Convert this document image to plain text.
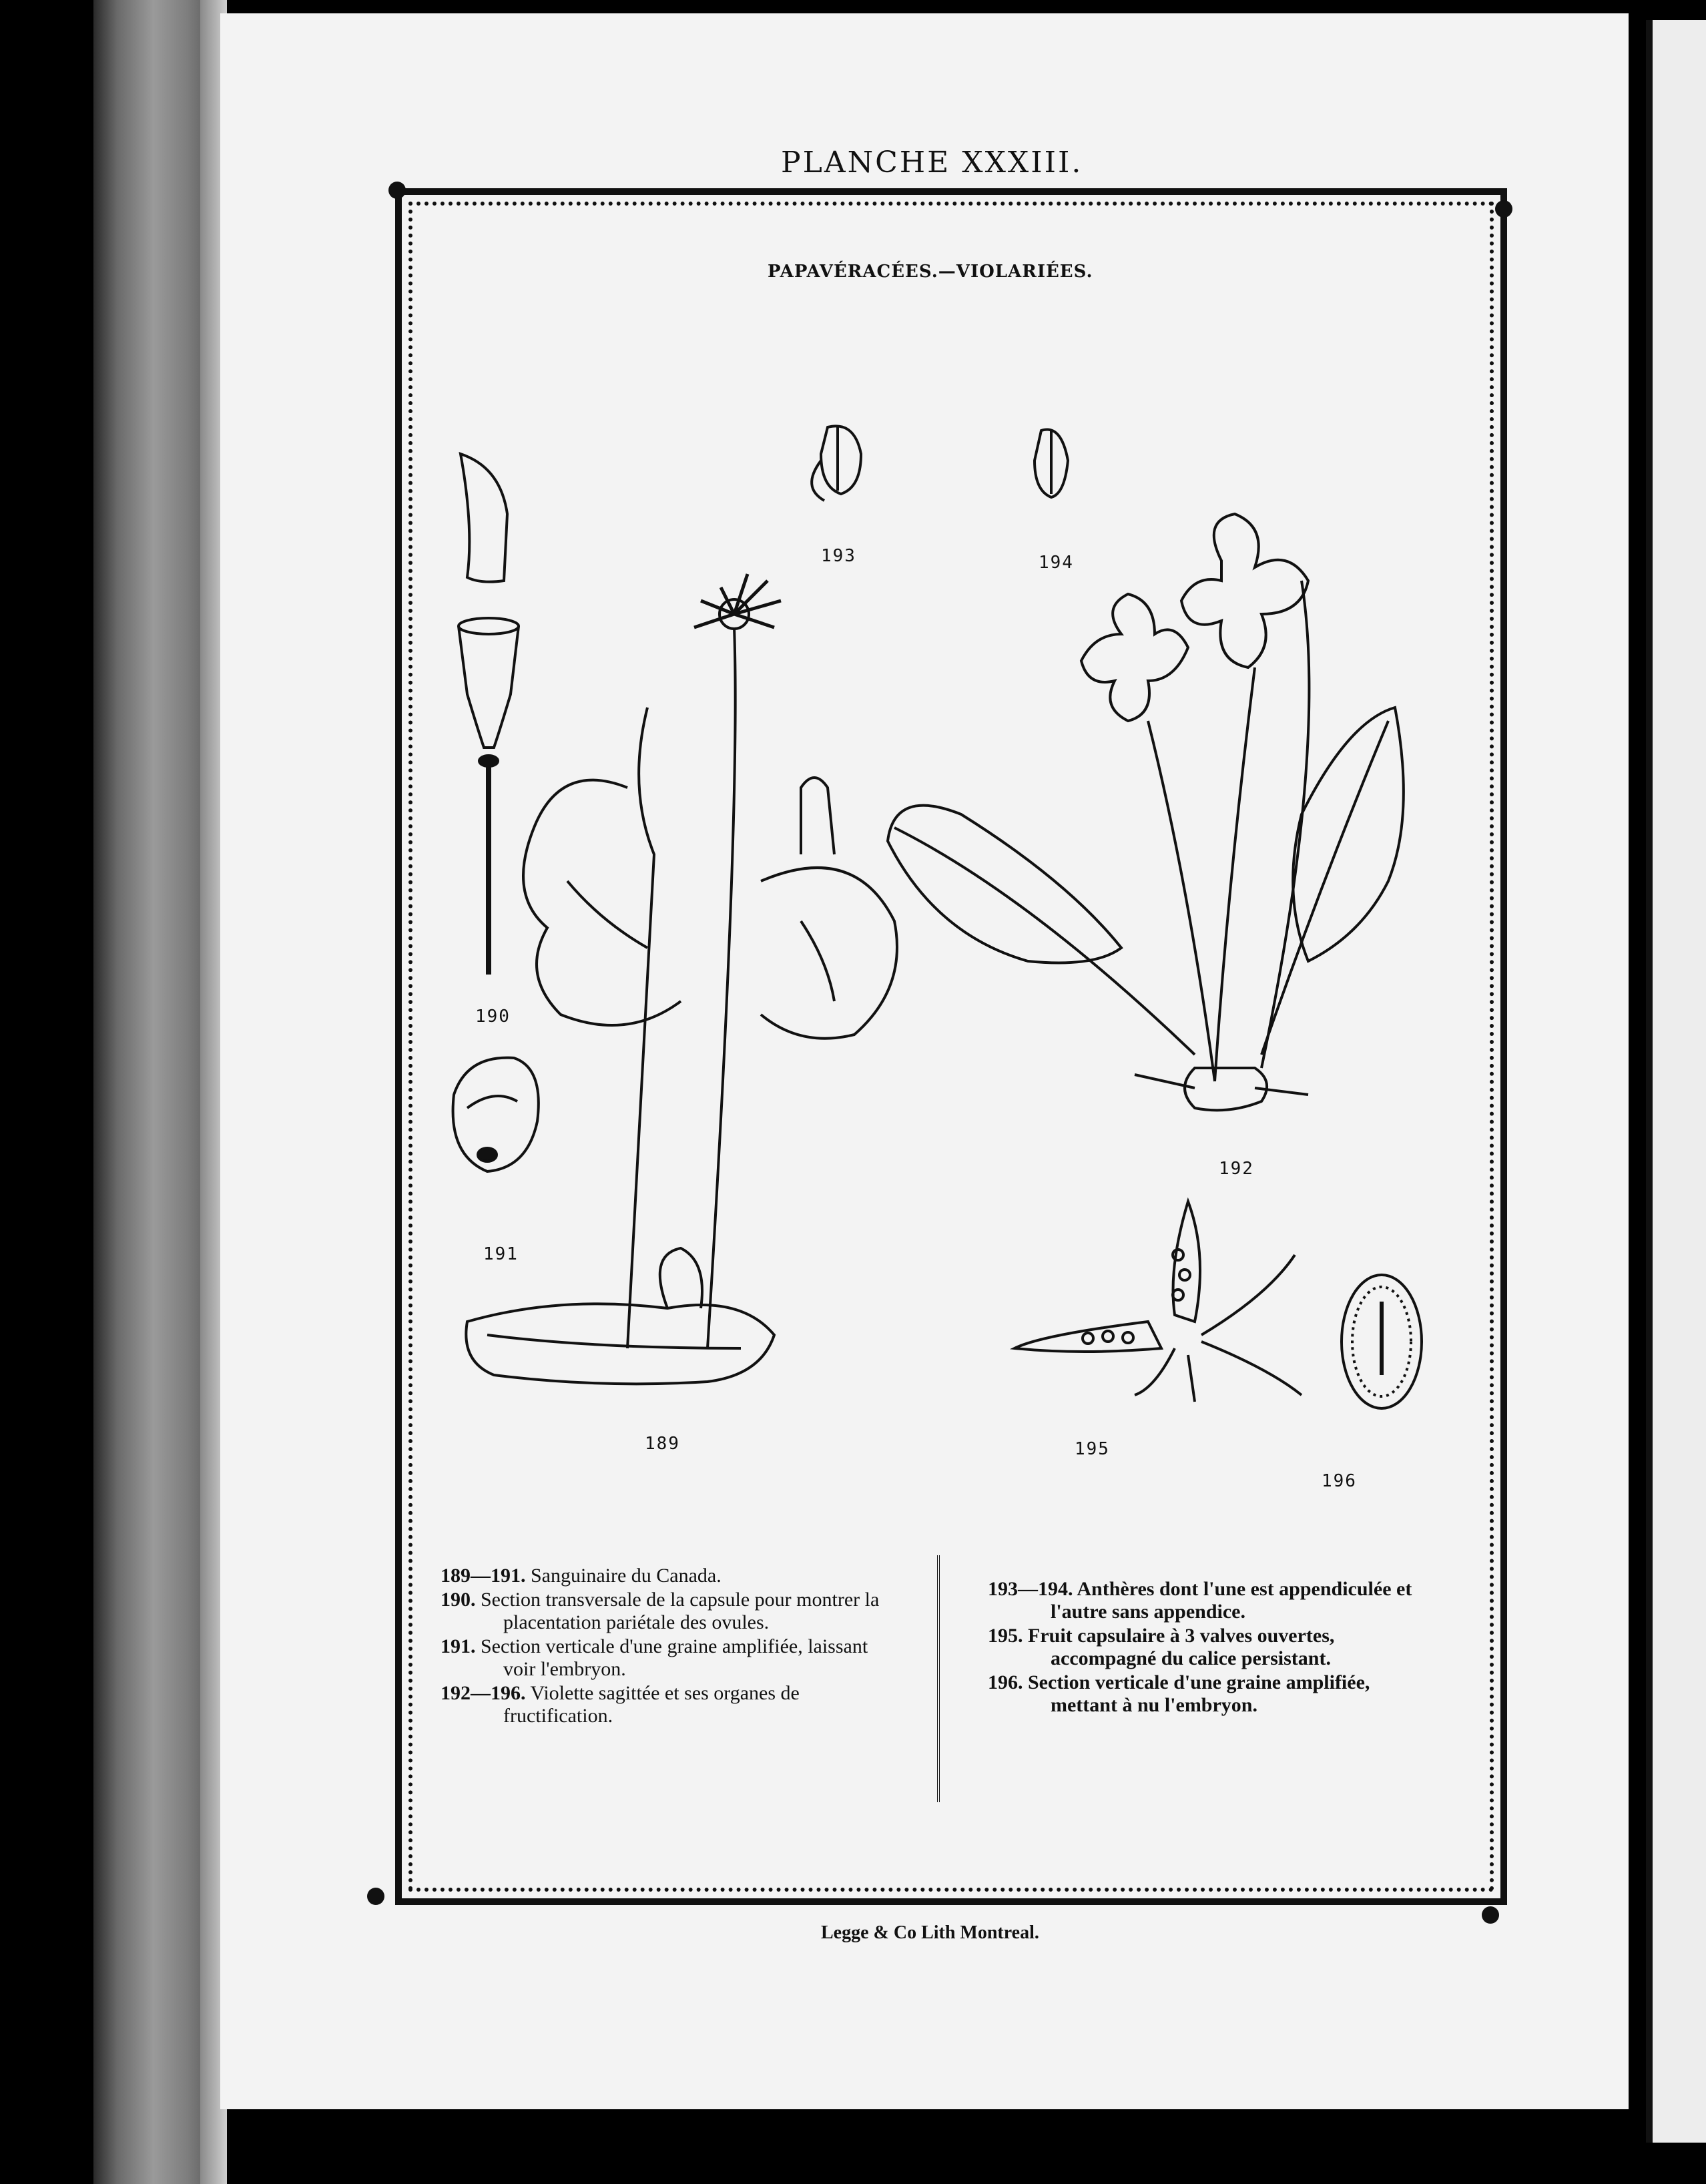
PLANCHE XXXIII.
PAPAVÉRACÉES.—VIOLARIÉES.
190
191
193	194
192
189	195
196

189—191. Sanguinaire du Canada.

190. Section transversale de la capsule pour montrer la placentation pariétale des ovules.

191. Section verticale d'une graine amplifiée, laissant voir l'embryon.

192—196. Violette sagittée et ses organes de fructification.

193—194. Anthères dont l'une est appendiculée et l'autre sans appendice.

195. Fruit capsulaire à 3 valves ouvertes, accompagné du calice persistant.

196. Section verticale d'une graine amplifiée, mettant à nu l'embryon.

Legge & Co Lith Montreal.
